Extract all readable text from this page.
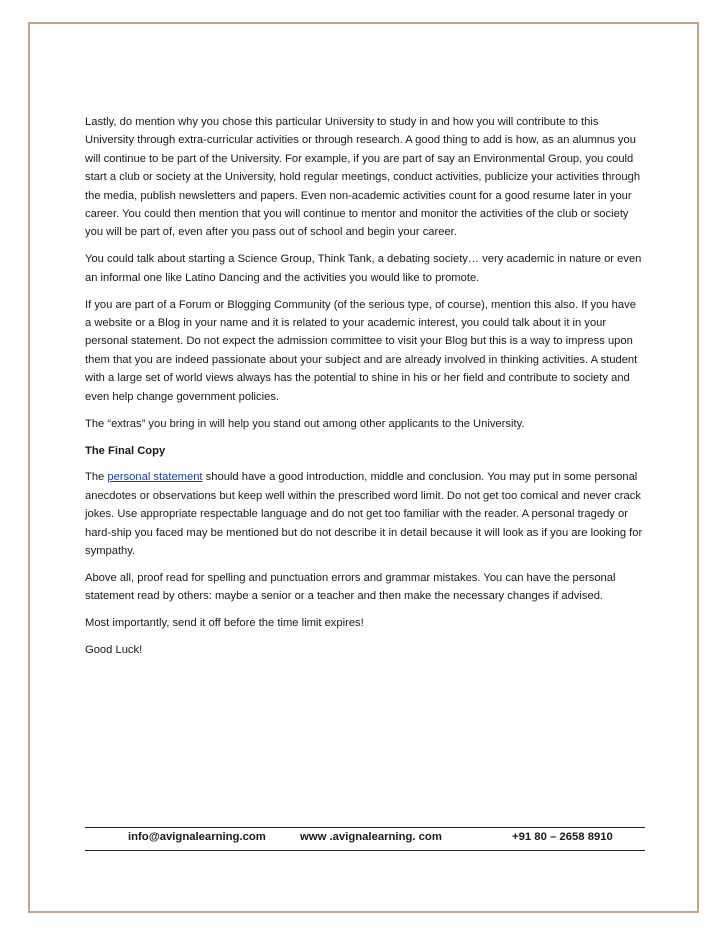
Lastly, do mention why you chose this particular University to study in and how you will contribute to this University through extra-curricular activities or through research. A good thing to add is how, as an alumnus you will continue to be part of the University. For example, if you are part of say an Environmental Group, you could start a club or society at the University, hold regular meetings, conduct activities, publicize your activities through the media, publish newsletters and papers. Even non-academic activities count for a good resume later in your career. You could then mention that you will continue to mentor and monitor the activities of the club or society you will be part of, even after you pass out of school and begin your career.

You could talk about starting a Science Group, Think Tank, a debating society… very academic in nature or even an informal one like Latino Dancing and the activities you would like to promote.

If you are part of a Forum or Blogging Community (of the serious type, of course), mention this also. If you have a website or a Blog in your name and it is related to your academic interest, you could talk about it in your personal statement. Do not expect the admission committee to visit your Blog but this is a way to impress upon them that you are indeed passionate about your subject and are already involved in thinking activities. A student with a large set of world views always has the potential to shine in his or her field and contribute to society and even help change government policies.

The “extras” you bring in will help you stand out among other applicants to the University.

The Final Copy

The personal statement should have a good introduction, middle and conclusion. You may put in some personal anecdotes or observations but keep well within the prescribed word limit. Do not get too comical and never crack jokes. Use appropriate respectable language and do not get too familiar with the reader. A personal tragedy or hard-ship you faced may be mentioned but do not describe it in detail because it will look as if you are looking for sympathy.

Above all, proof read for spelling and punctuation errors and grammar mistakes. You can have the personal statement read by others: maybe a senior or a teacher and then make the necessary changes if advised.

Most importantly, send it off before the time limit expires!

Good Luck!

info@avignalearning.com	www .avignalearning. com	+91 80 – 2658 8910
